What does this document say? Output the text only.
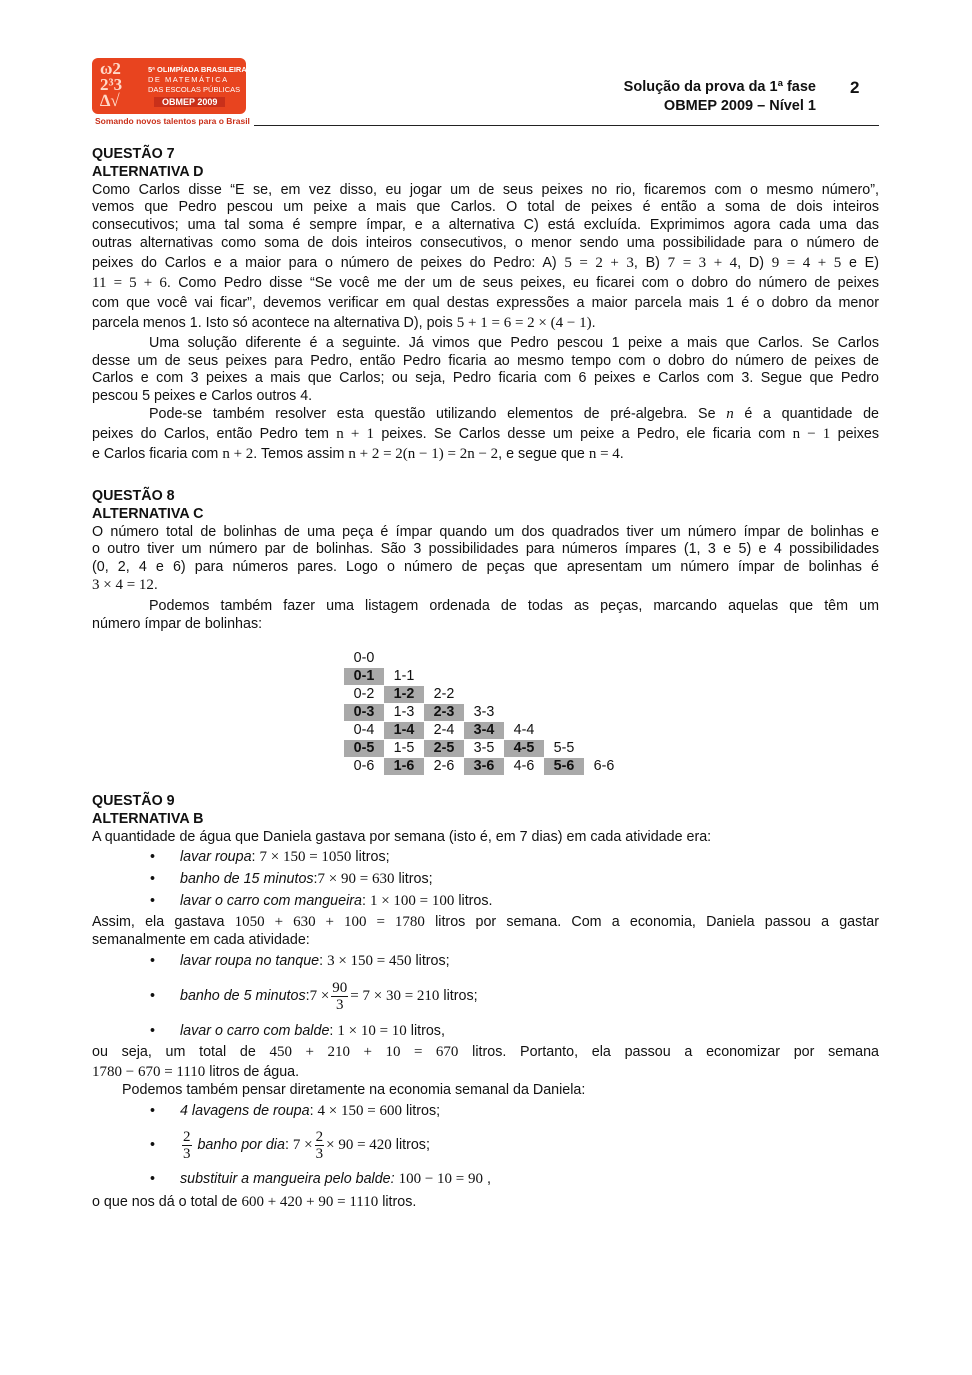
ω2
2³3
∆√
5ª OLIMPÍADA BRASILEIRA
DE MATEMÁTICA
DAS ESCOLAS PÚBLICAS
OBMEP 2009
Somando novos talentos para o Brasil
Solução da prova da 1ª fase
OBMEP 2009 – Nível 1
2

QUESTÃO 7

ALTERNATIVA D

Como Carlos disse “E se, em vez disso, eu jogar um de seus peixes no rio, ficaremos com o mesmo número”,

vemos que Pedro pescou um peixe a mais que Carlos. O total de peixes é então a soma de dois inteiros

consecutivos; uma tal soma é sempre ímpar, e a alternativa C) está excluída. Exprimimos agora cada uma das

outras alternativas como soma de dois inteiros consecutivos, o menor sendo uma possibilidade para o número de

peixes do Carlos e a maior para o número de peixes do Pedro: A) 5 = 2 + 3, B) 7 = 3 + 4, D) 9 = 4 + 5 e E)

11 = 5 + 6. Como Pedro disse “Se você me der um de seus peixes, eu ficarei com o dobro do número de peixes

com que você vai ficar”, devemos verificar em qual destas expressões a maior parcela mais 1 é o dobro da menor

parcela menos 1. Isto só acontece na alternativa D), pois 5 + 1 = 6 = 2 × (4 − 1).

Uma solução diferente é a seguinte. Já vimos que Pedro pescou 1 peixe a mais que Carlos. Se Carlos

desse um de seus peixes para Pedro, então Pedro ficaria ao mesmo tempo com o dobro do número de peixes de

Carlos e com 3 peixes a mais que Carlos; ou seja, Pedro ficaria com 6 peixes e Carlos com 3. Segue que Pedro

pescou 5 peixes e Carlos outros 4.

Pode-se também resolver esta questão utilizando elementos de pré-algebra. Se n é a quantidade de

peixes do Carlos, então Pedro tem n + 1 peixes. Se Carlos desse um peixe a Pedro, ele ficaria com n − 1 peixes

e Carlos ficaria com n + 2. Temos assim n + 2 = 2(n − 1) = 2n − 2, e segue que n = 4.

QUESTÃO 8

ALTERNATIVA C

O número total de bolinhas de uma peça é ímpar quando um dos quadrados tiver um número ímpar de bolinhas e

o outro tiver um número par de bolinhas. São 3 possibilidades para números ímpares (1, 3 e 5) e 4 possibilidades

(0, 2, 4 e 6) para números pares. Logo o número de peças que apresentam um número ímpar de bolinhas é

3 × 4 = 12.

Podemos também fazer uma listagem ordenada de todas as peças, marcando aquelas que têm um

número ímpar de bolinhas:

0-0
0-1	1-1
0-2	1-2	2-2
0-3	1-3	2-3	3-3
0-4	1-4	2-4	3-4	4-4
0-5	1-5	2-5	3-5	4-5	5-5
0-6	1-6	2-6	3-6	4-6	5-6	6-6

QUESTÃO 9

ALTERNATIVA B

A quantidade de água que Daniela gastava por semana (isto é, em 7 dias) em cada atividade era:

• lavar roupa: 7 × 150 = 1050 litros;
• banho de 15 minutos:7 × 90 = 630 litros;
• lavar o carro com mangueira: 1 × 100 = 100 litros.

Assim, ela gastava 1050 + 630 + 100 = 1780 litros por semana. Com a economia, Daniela passou a gastar

semanalmente em cada atividade:

• lavar roupa no tanque: 3 × 150 = 450 litros;
• banho de 5 minutos:7 × $\frac{90}{3} = 7 \times 30 = 210$ litros;
• lavar o carro com balde: 1 × 10 = 10 litros,

ou seja, um total de 450 + 210 + 10 = 670 litros. Portanto, ela passou a economizar por semana

1780 − 670 = 1110 litros de água.

Podemos também pensar diretamente na economia semanal da Daniela:

• 4 lavagens de roupa: 4 × 150 = 600 litros;
• $\frac{2}{3}$ banho por dia: $7 \times \frac{2}{3} \times 90 = 420$ litros;
• substituir a mangueira pelo balde: 100 − 10 = 90 ,

o que nos dá o total de 600 + 420 + 90 = 1110 litros.
